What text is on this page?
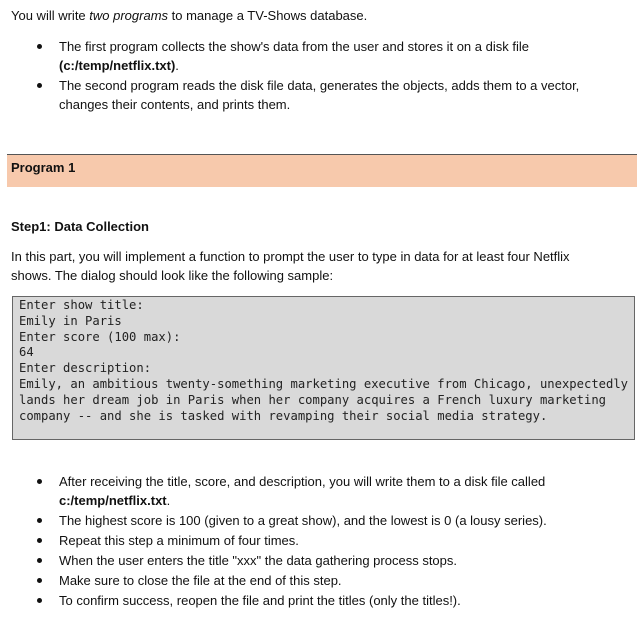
You will write two programs to manage a TV-Shows database.

The first program collects the show's data from the user and stores it on a disk file
(c:/temp/netflix.txt).
The second program reads the disk file data, generates the objects, adds them to a vector, changes their contents, and prints them.
Program 1

Step1: Data Collection

In this part, you will implement a function to prompt the user to type in data for at least four Netflix

shows. The dialog should look like the following sample:

Enter show title:
Emily in Paris
Enter score (100 max):
64
Enter description:
Emily, an ambitious twenty-something marketing executive from Chicago, unexpectedly
lands her dream job in Paris when her company acquires a French luxury marketing
company -- and she is tasked with revamping their social media strategy.
After receiving the title, score, and description, you will write them to a disk file called
c:/temp/netflix.txt.
The highest score is 100 (given to a great show), and the lowest is 0 (a lousy series).
Repeat this step a minimum of four times.
When the user enters the title "xxx" the data gathering process stops.
Make sure to close the file at the end of this step.
To confirm success, reopen the file and print the titles (only the titles!).
